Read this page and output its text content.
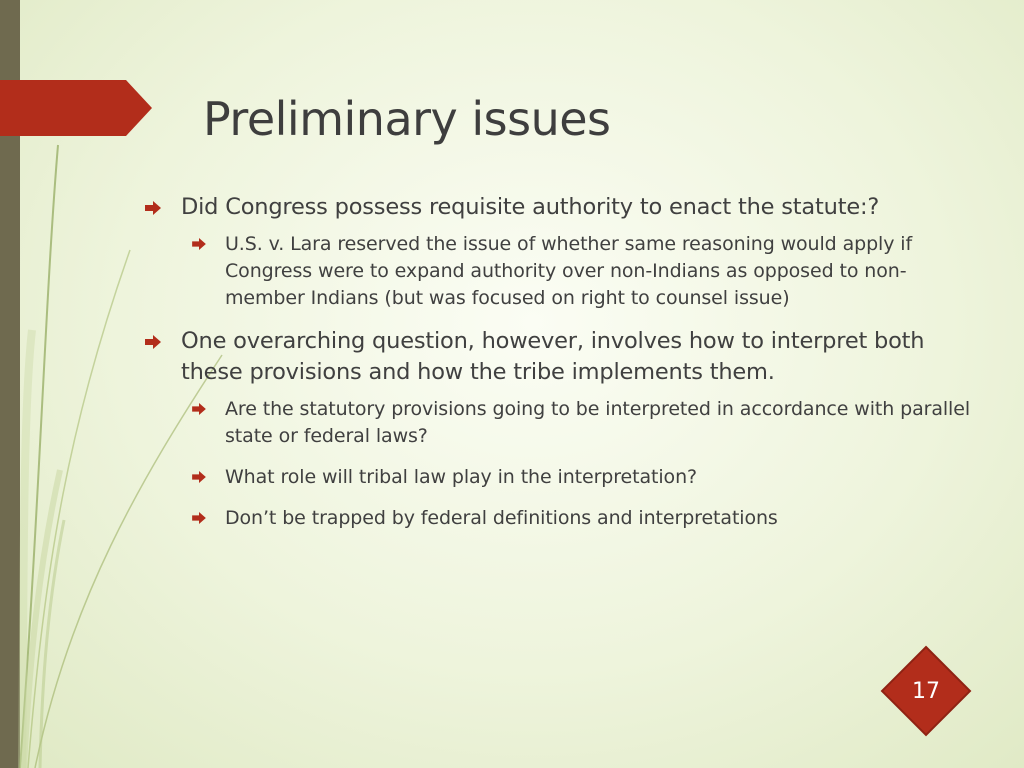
Preliminary issues
Did Congress possess requisite authority to enact the statute:?
U.S. v. Lara reserved the issue of whether same reasoning would apply if Congress were to expand authority over non-Indians as opposed to non-member Indians (but was focused on right to counsel issue)
One overarching question, however, involves how to interpret both these provisions and how the tribe implements them.
Are the statutory provisions going to be interpreted in accordance with parallel state or federal laws?
What role will tribal law play in the interpretation?
Don’t be trapped by federal definitions and interpretations
17
